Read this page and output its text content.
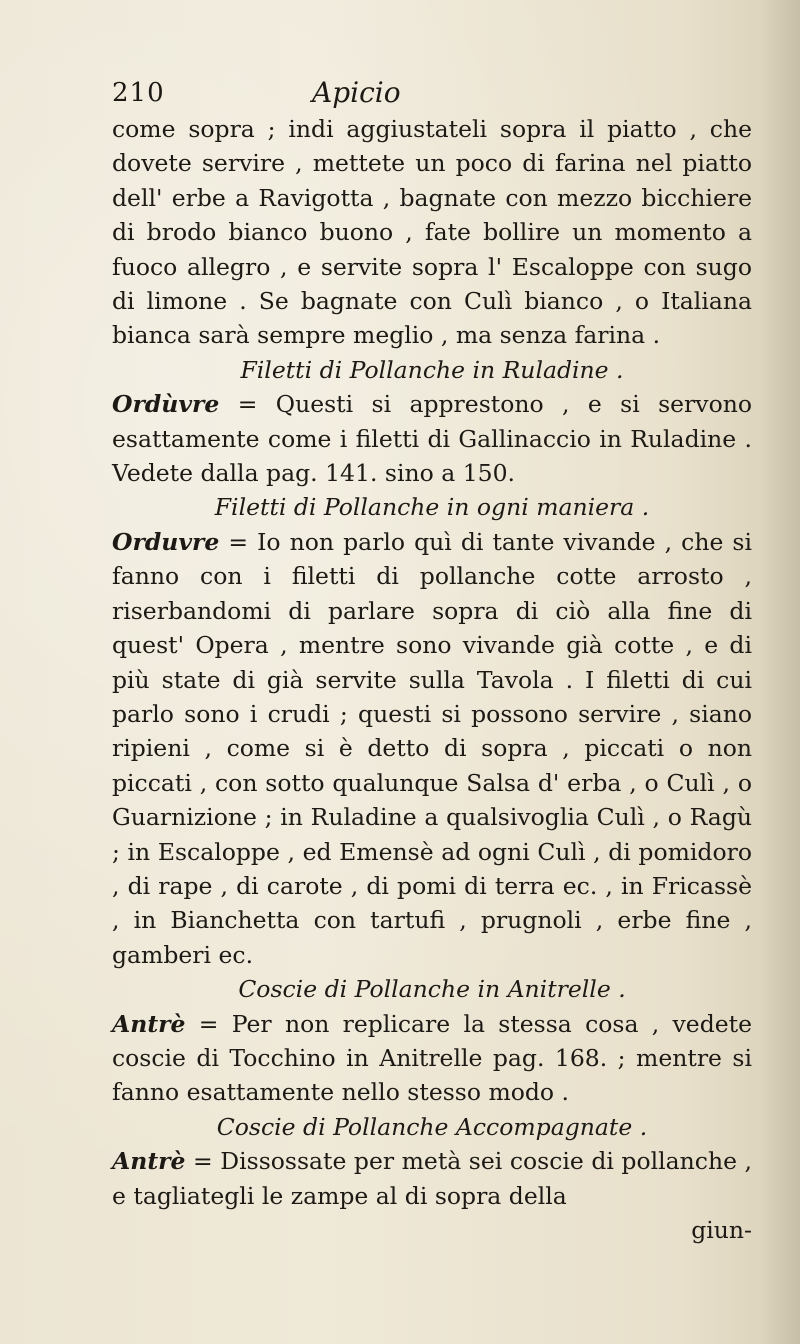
210	Apicio

come sopra ; indi aggiustateli sopra il piatto , che dovete servire , mettete un poco di farina nel piatto dell' erbe a Ravigotta , bagnate con mezzo bicchiere di brodo bianco buono , fate bollire un momento a fuoco allegro , e servite sopra l' Escaloppe con sugo di limone . Se bagnate con Culì bianco , o Italiana bianca sarà sempre meglio , ma senza farina .

Filetti di Pollanche in Ruladine .

Ordùvre = Questi si apprestono , e si servono esattamente come i filetti di Gallinaccio in Ruladine . Vedete dalla pag. 141. sino a 150.

Filetti di Pollanche in ogni maniera .

Orduvre = Io non parlo quì di tante vivande , che si fanno con i filetti di pollanche cotte arrosto , riserbandomi di parlare sopra di ciò alla fine di quest' Opera , mentre sono vivande già cotte , e di più state di già servite sulla Tavola . I filetti di cui parlo sono i crudi ; questi si possono servire , siano ripieni , come si è detto di sopra , piccati o non piccati , con sotto qualunque Salsa d' erba , o Culì , o Guarnizione ; in Ruladine a qualsivoglia Culì , o Ragù ; in Escaloppe , ed Emensè ad ogni Culì , di pomidoro , di rape , di carote , di pomi di terra ec. , in Fricassè , in Bianchetta con tartufi , prugnoli , erbe fine , gamberi ec.

Coscie di Pollanche in Anitrelle .

Antrè = Per non replicare la stessa cosa , vedete coscie di Tocchino in Anitrelle pag. 168. ; mentre si fanno esattamente nello stesso modo .

Coscie di Pollanche Accompagnate .

Antrè = Dissossate per metà sei coscie di pollanche , e tagliategli le zampe al di sopra della

giun-
